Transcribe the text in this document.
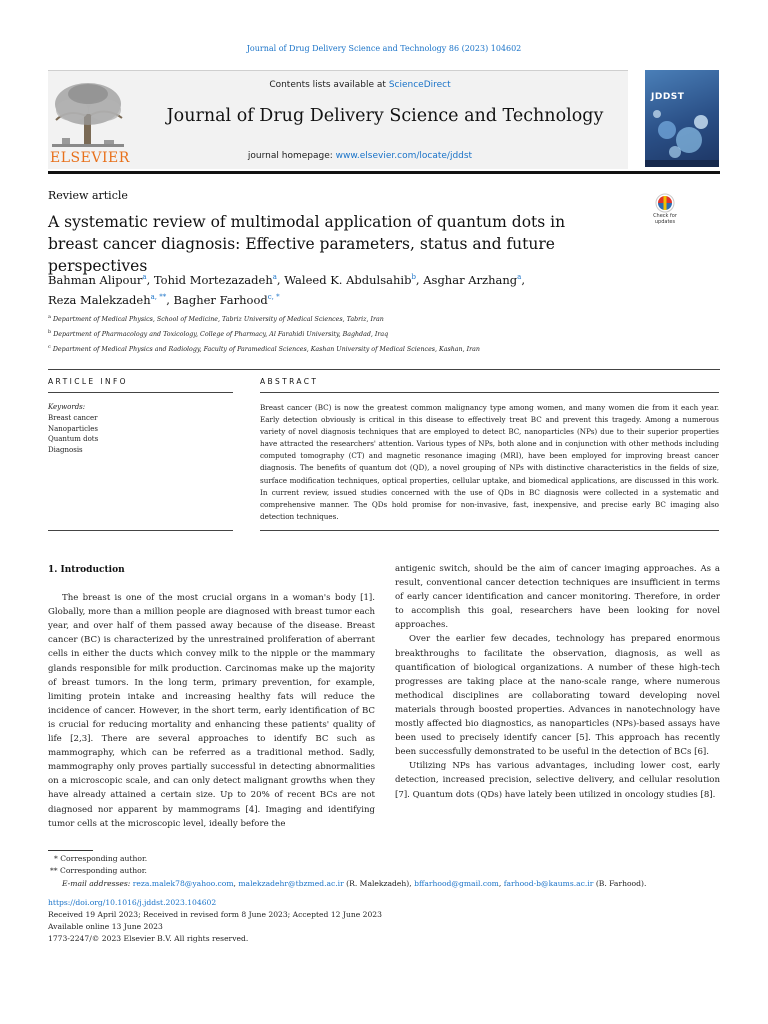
Journal of Drug Delivery Science and Technology 86 (2023) 104602
ELSEVIER
Contents lists available at ScienceDirect
Journal of Drug Delivery Science and Technology
journal homepage: www.elsevier.com/locate/jddst
JDDST
Review article
A systematic review of multimodal application of quantum dots in breast cancer diagnosis: Effective parameters, status and future perspectives
Check for
updates
Bahman Alipour$^a$, Tohid Mortezazadeh$^a$, Waleed K. Abdulsahib$^b$, Asghar Arzhang$^a$,
Reza Malekzadeh$^{a, **}$, Bagher Farhood$^{c, *}$
$^a$ Department of Medical Physics, School of Medicine, Tabriz University of Medical Sciences, Tabriz, Iran
$^b$ Department of Pharmacology and Toxicology, College of Pharmacy, Al Farahidi University, Baghdad, Iraq
$^c$ Department of Medical Physics and Radiology, Faculty of Paramedical Sciences, Kashan University of Medical Sciences, Kashan, Iran
ARTICLE INFO	ABSTRACT
Keywords:
Breast cancer
Nanoparticles
Quantum dots
Diagnosis
Breast cancer (BC) is now the greatest common malignancy type among women, and many women die from it each year. Early detection obviously is critical in this disease to effectively treat BC and prevent this tragedy. Among a numerous variety of novel diagnosis techniques that are employed to detect BC, nanoparticles (NPs) due to their superior properties have attracted the researchers' attention. Various types of NPs, both alone and in conjunction with other methods including computed tomography (CT) and magnetic resonance imaging (MRI), have been employed for improving breast cancer diagnosis. The benefits of quantum dot (QD), a novel grouping of NPs with distinctive characteristics in the fields of size, surface modification techniques, optical properties, cellular uptake, and biomedical applications, are discussed in this work. In current review, issued studies concerned with the use of QDs in BC diagnosis were collected in a systematic and comprehensive manner. The QDs hold promise for non-invasive, fast, inexpensive, and precise early BC imaging also detection techniques.
1. Introduction

The breast is one of the most crucial organs in a woman's body [1]. Globally, more than a million people are diagnosed with breast tumor each year, and over half of them passed away because of the disease. Breast cancer (BC) is characterized by the unrestrained proliferation of aberrant cells in either the ducts which convey milk to the nipple or the mammary glands responsible for milk production. Carcinomas make up the majority of breast tumors. In the long term, primary prevention, for example, limiting protein intake and increasing healthy fats will reduce the incidence of cancer. However, in the short term, early identification of BC is crucial for reducing mortality and enhancing these patients' quality of life [2,3]. There are several approaches to identify BC such as mammography, which can be referred as a traditional method. Sadly, mammography only proves partially successful in detecting abnormalities on a microscopic scale, and can only detect malignant growths when they have already attained a certain size. Up to 20% of recent BCs are not diagnosed nor apparent by mammograms [4]. Imaging and identifying tumor cells at the microscopic level, ideally before the

antigenic switch, should be the aim of cancer imaging approaches. As a result, conventional cancer detection techniques are insufficient in terms of early cancer identification and cancer monitoring. Therefore, in order to accomplish this goal, researchers have been looking for novel approaches.

Over the earlier few decades, technology has prepared enormous breakthroughs to facilitate the observation, diagnosis, as well as quantification of biological organizations. A number of these high-tech progresses are taking place at the nano-scale range, where numerous methodical disciplines are collaborating toward developing novel materials through boosted properties. Advances in nanotechnology have mostly affected bio diagnostics, as nanoparticles (NPs)-based assays have been used to precisely identify cancer [5]. This approach has recently been successfully demonstrated to be useful in the detection of BCs [6].

Utilizing NPs has various advantages, including lower cost, early detection, increased precision, selective delivery, and cellular resolution [7]. Quantum dots (QDs) have lately been utilized in oncology studies [8].

* Corresponding author.
** Corresponding author.
E-mail addresses: reza.malek78@yahoo.com, malekzadehr@tbzmed.ac.ir (R. Malekzadeh), bffarhood@gmail.com, farhood-b@kaums.ac.ir (B. Farhood).
https://doi.org/10.1016/j.jddst.2023.104602
Received 19 April 2023; Received in revised form 8 June 2023; Accepted 12 June 2023
Available online 13 June 2023
1773-2247/© 2023 Elsevier B.V. All rights reserved.
